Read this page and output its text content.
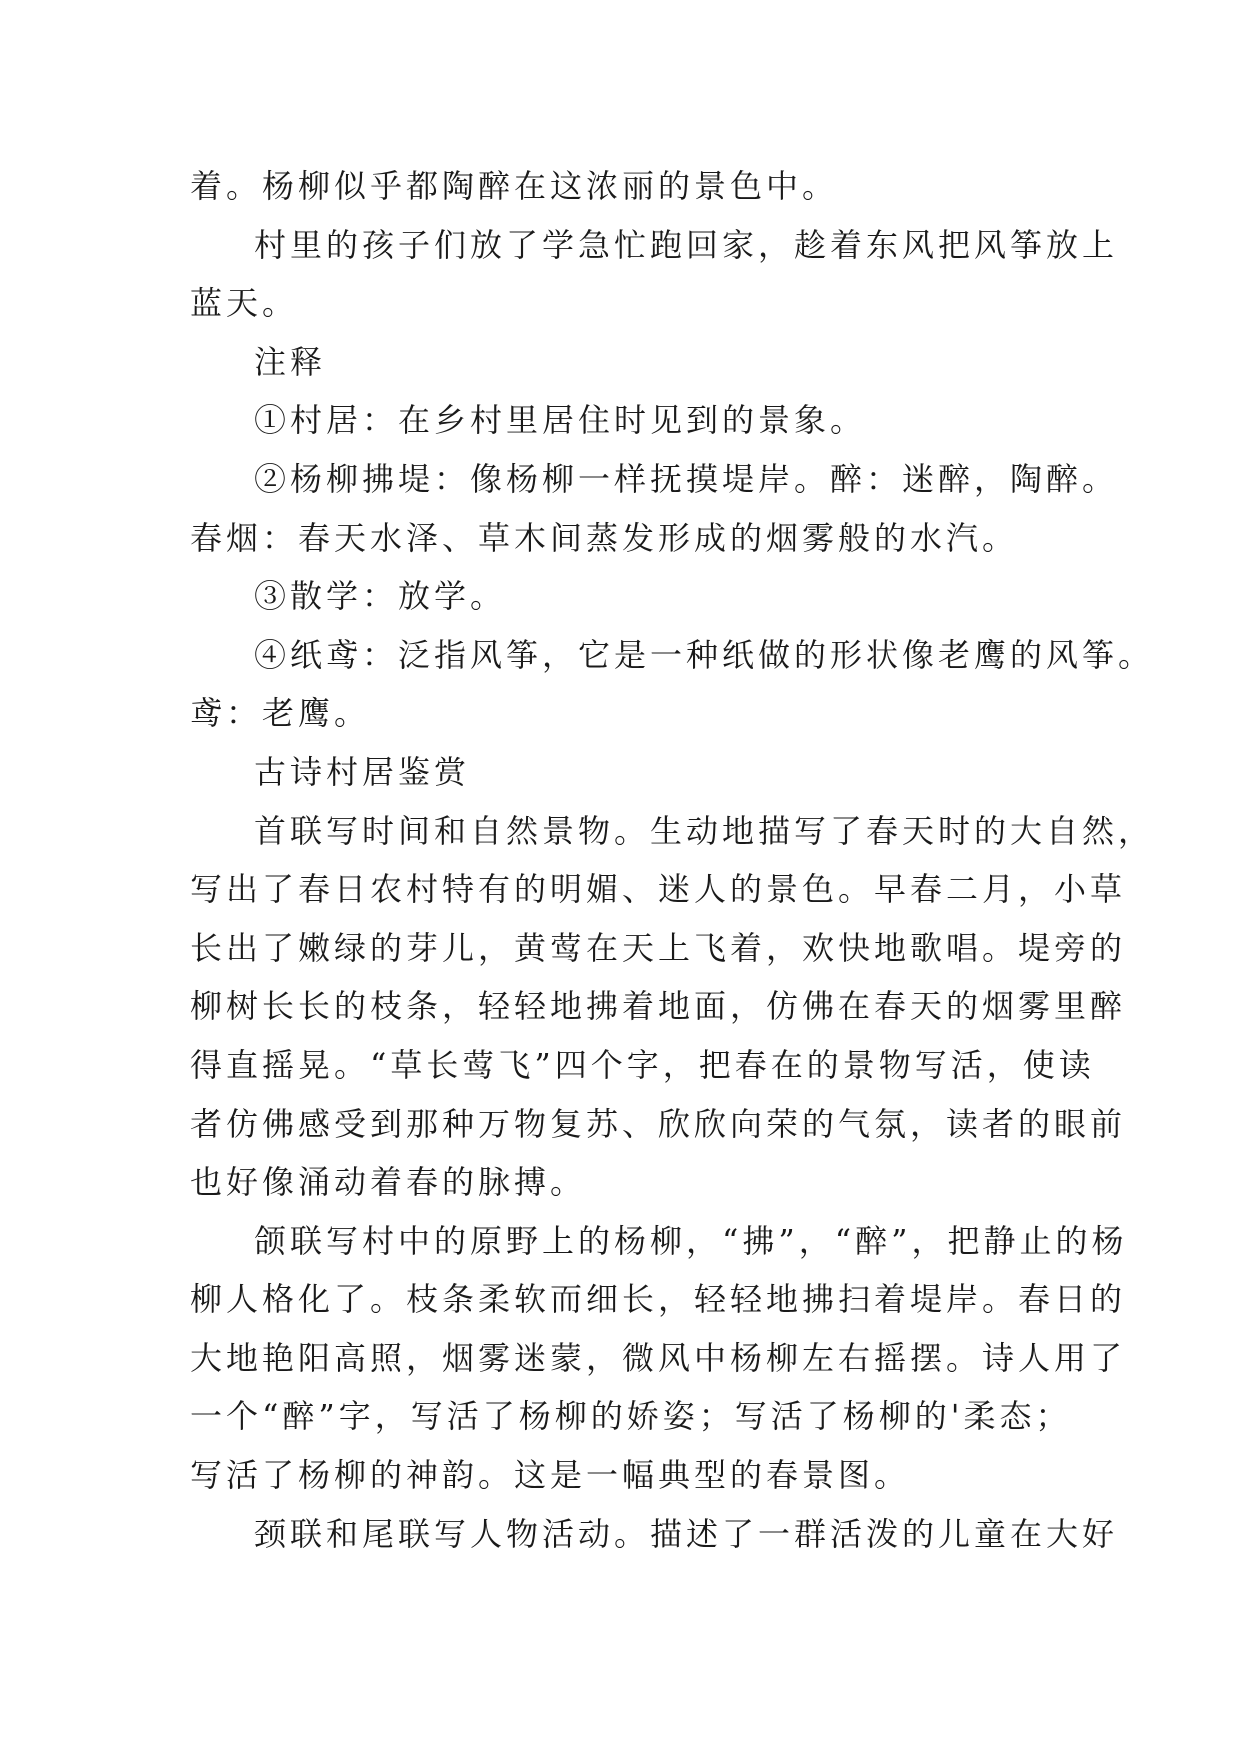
着。杨柳似乎都陶醉在这浓丽的景色中。
村里的孩子们放了学急忙跑回家，趁着东风把风筝放上
蓝天。
注释
①村居：在乡村里居住时见到的景象。
②杨柳拂堤：像杨柳一样抚摸堤岸。醉：迷醉，陶醉。
春烟：春天水泽、草木间蒸发形成的烟雾般的水汽。
③散学：放学。
④纸鸢：泛指风筝，它是一种纸做的形状像老鹰的风筝。
鸢：老鹰。
古诗村居鉴赏
首联写时间和自然景物。生动地描写了春天时的大自然，
写出了春日农村特有的明媚、迷人的景色。早春二月，小草
长出了嫩绿的芽儿，黄莺在天上飞着，欢快地歌唱。堤旁的
柳树长长的枝条，轻轻地拂着地面，仿佛在春天的烟雾里醉
得直摇晃。“草长莺飞”四个字，把春在的景物写活，使读
者仿佛感受到那种万物复苏、欣欣向荣的气氛，读者的眼前
也好像涌动着春的脉搏。
颌联写村中的原野上的杨柳，“拂”，“醉”，把静止的杨
柳人格化了。枝条柔软而细长，轻轻地拂扫着堤岸。春日的
大地艳阳高照，烟雾迷蒙，微风中杨柳左右摇摆。诗人用了
一个“醉”字，写活了杨柳的娇姿；写活了杨柳的'柔态；
写活了杨柳的神韵。这是一幅典型的春景图。
颈联和尾联写人物活动。描述了一群活泼的儿童在大好
